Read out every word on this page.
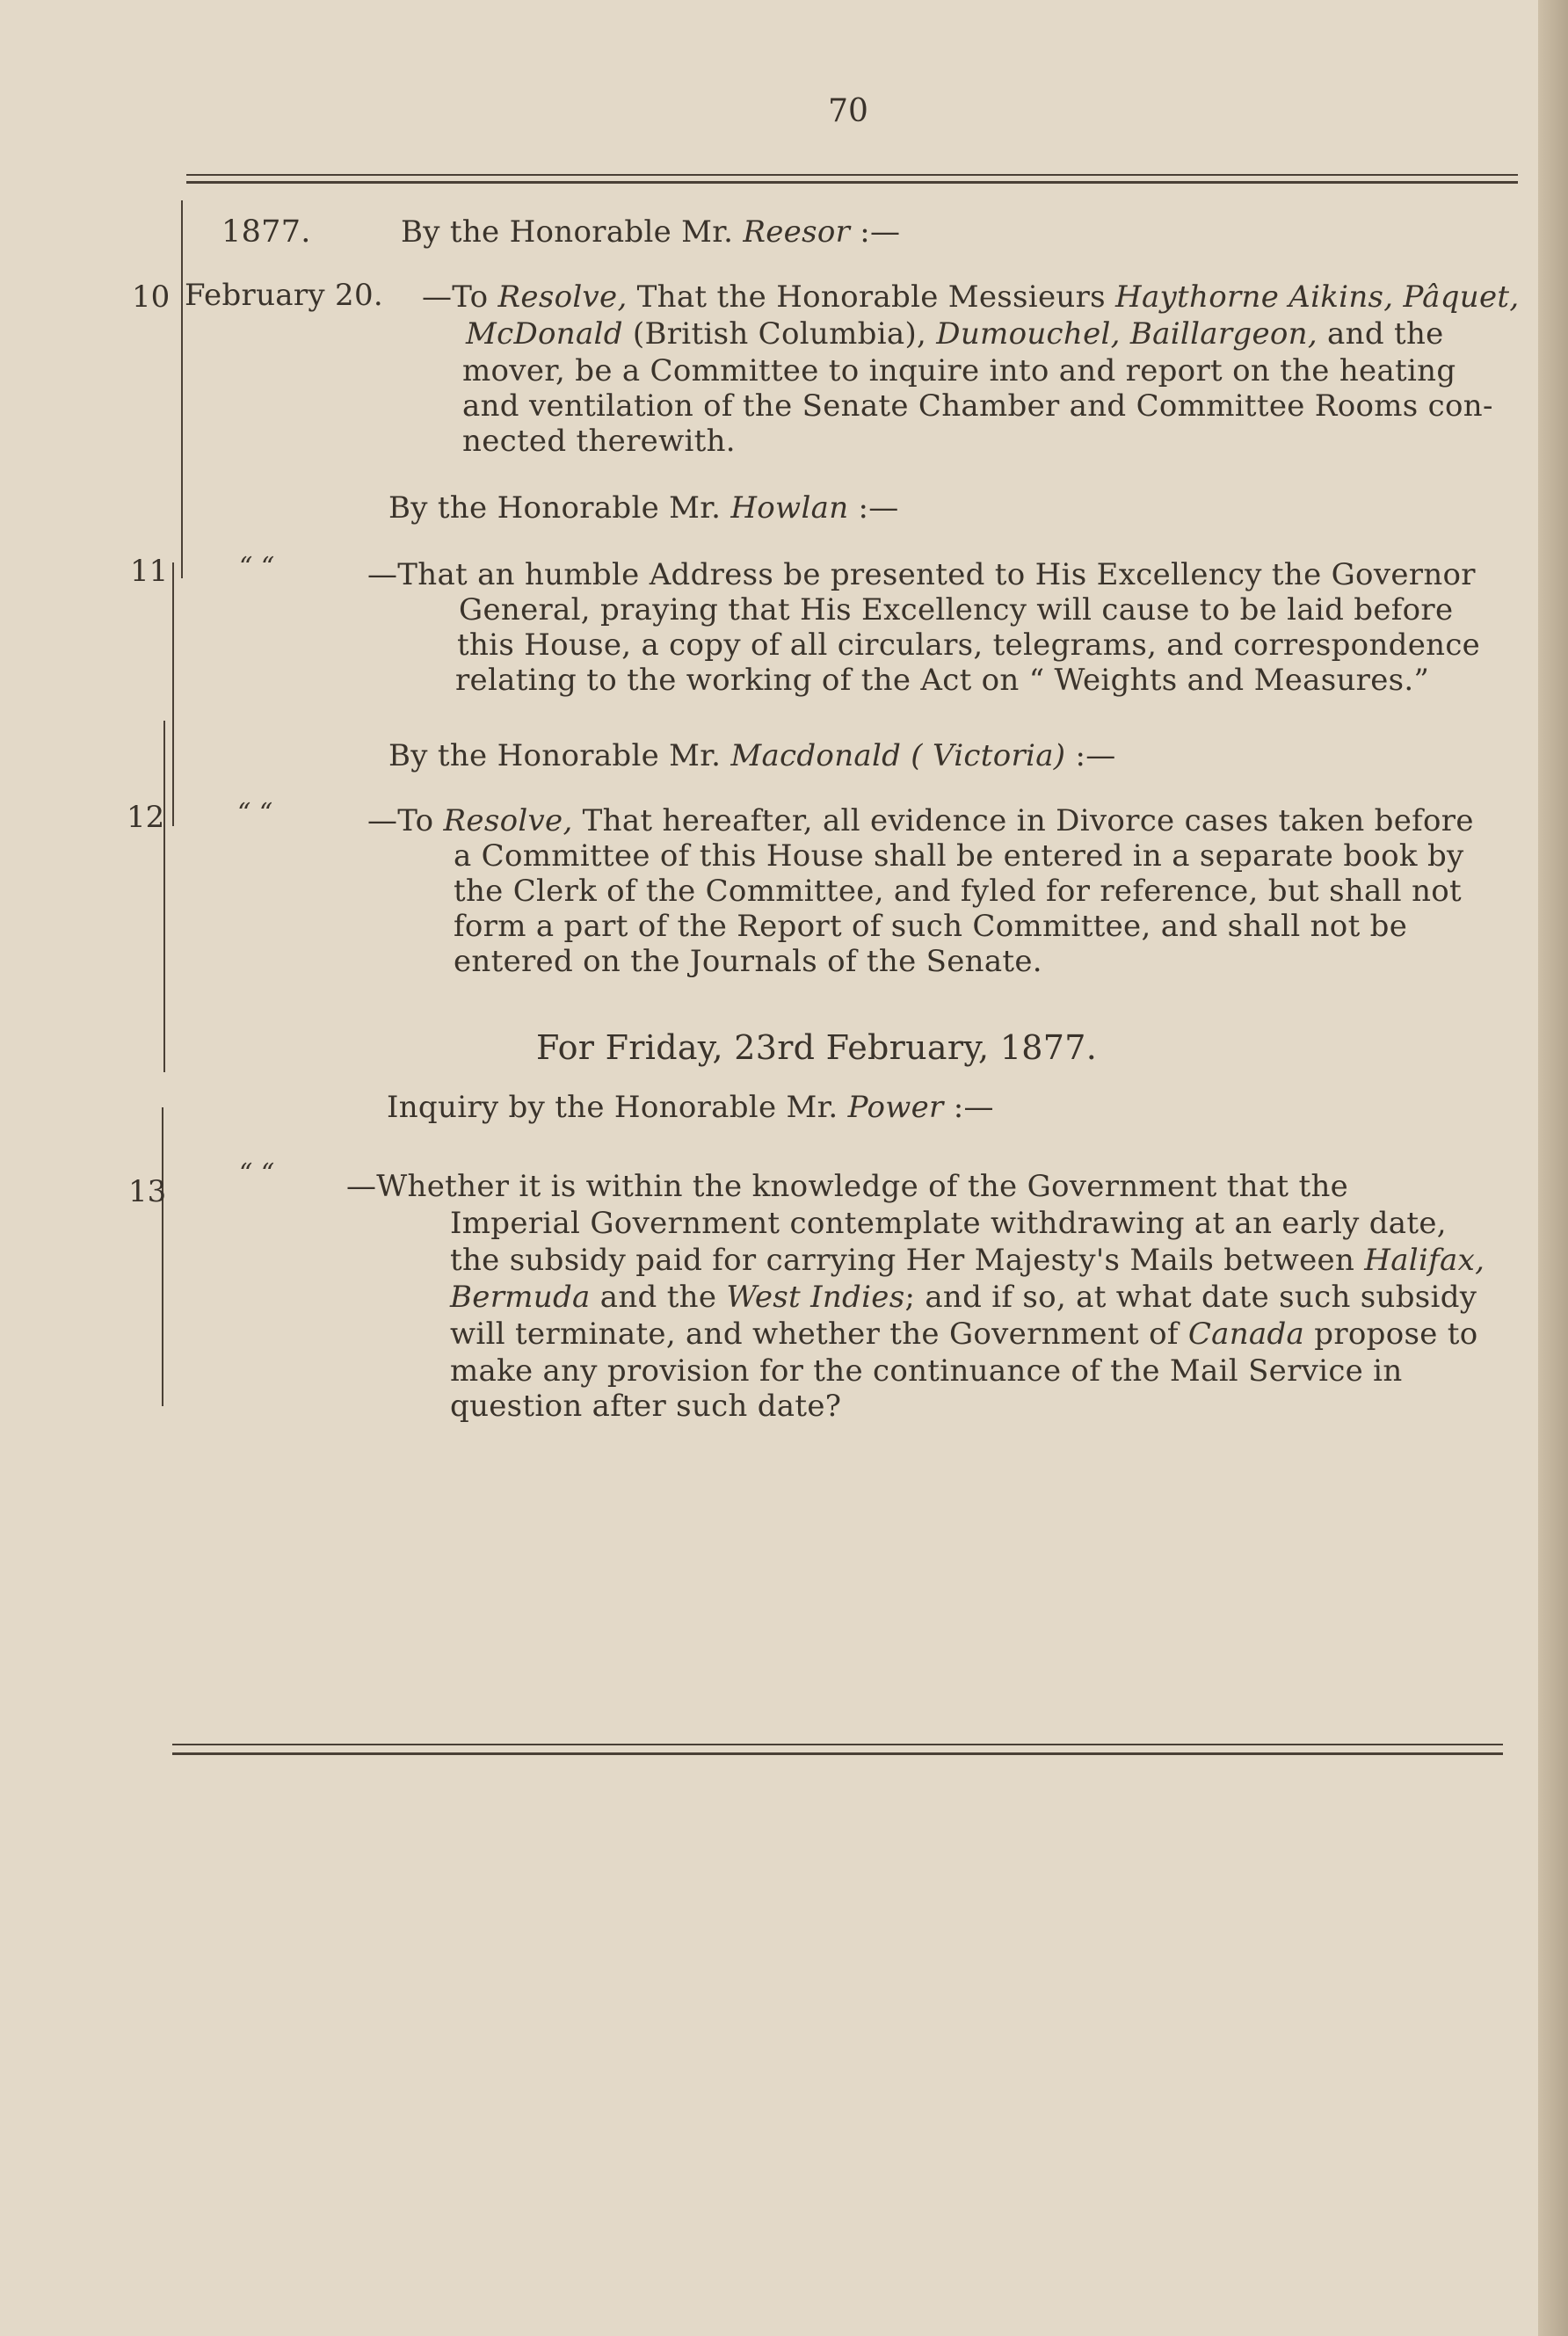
70
1877.	By the Honorable Mr. Reesor :—
10 February 20. —To Resolve, That the Honorable Messieurs Haythorne Aikins, Pâquet,
McDonald (British Columbia), Dumouchel, Baillargeon, and the
mover, be a Committee to inquire into and report on the heating
and ventilation of the Senate Chamber and Committee Rooms con-
nected therewith.
By the Honorable Mr. Howlan :—
11	“ “	—That an humble Address be presented to His Excellency the Governor
General, praying that His Excellency will cause to be laid before
this House, a copy of all circulars, telegrams, and correspondence
relating to the working of the Act on “ Weights and Measures.”
By the Honorable Mr. Macdonald ( Victoria) :—
12	“ “	—To Resolve, That hereafter, all evidence in Divorce cases taken before
a Committee of this House shall be entered in a separate book by
the Clerk of the Committee, and fyled for reference, but shall not
form a part of the Report of such Committee, and shall not be
entered on the Journals of the Senate.
For Friday, 23rd February, 1877.
Inquiry by the Honorable Mr. Power :—
13
“ “ —Whether it is within the knowledge of the Government that the
Imperial Government contemplate withdrawing at an early date,
the subsidy paid for carrying Her Majesty's Mails between Halifax,
Bermuda and the West Indies; and if so, at what date such subsidy
will terminate, and whether the Government of Canada propose to
make any provision for the continuance of the Mail Service in
question after such date?
